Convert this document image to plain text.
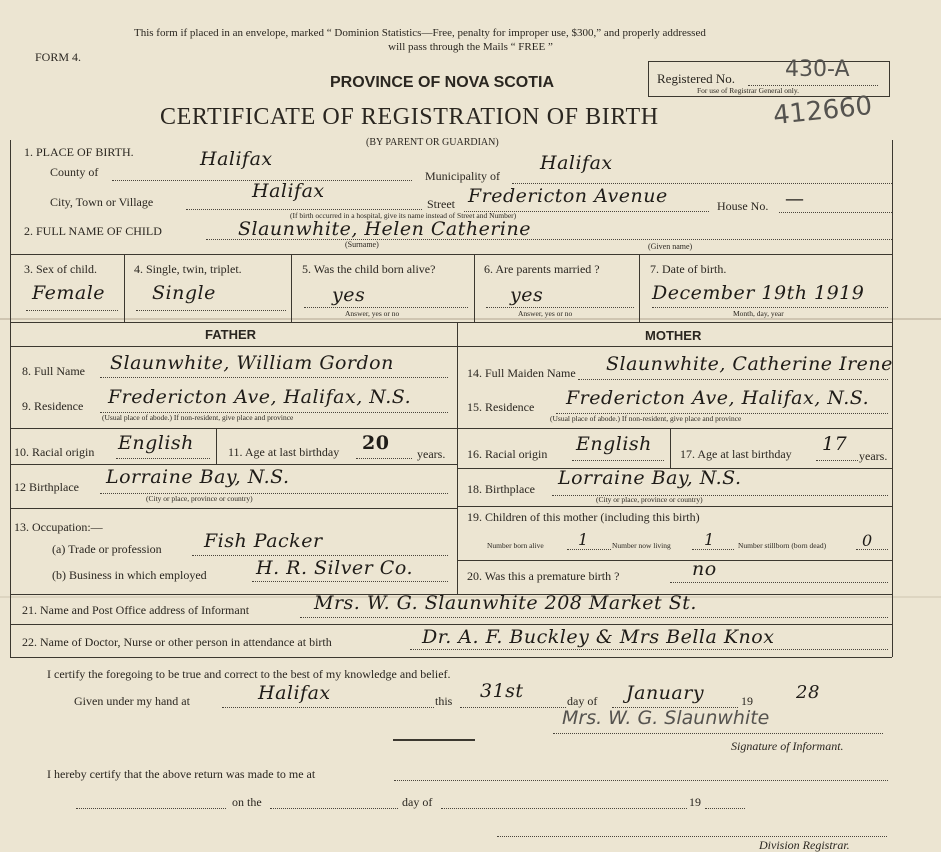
This form if placed in an envelope, marked “ Dominion Statistics—Free, penalty for improper use, $300,” and properly addressed
will pass through the Mails “ FREE ”
FORM 4.
PROVINCE OF NOVA SCOTIA
CERTIFICATE OF REGISTRATION OF BIRTH
(BY PARENT OR GUARDIAN)
Registered No. 430-A
For use of Registrar General only.
412660
1. PLACE OF BIRTH.
County of
Halifax
Municipality of
Halifax
City, Town or Village	Halifax
Street Fredericton Avenue	House No. —
(If birth occurred in a hospital, give its name instead of Street and Number)
2. FULL NAME OF CHILD	Slaunwhite, Helen Catherine
(Surname)	(Given name)
3. Sex of child.
Female
4. Single, twin, triplet.
Single
5. Was the child born alive?
yes
Answer, yes or no
6. Are parents married ?
yes
Answer, yes or no
7. Date of birth.
December 19th 1919
Month, day, year
FATHER	MOTHER
8. Full Name Slaunwhite, William Gordon
9. Residence Fredericton Ave, Halifax, N.S.
(Usual place of abode.) If non-resident, give place and province
10. Racial origin English	11. Age at last birthday 20 years.
12 Birthplace Lorraine Bay, N.S.
(City or place, province or country)
13. Occupation:—
(a) Trade or profession Fish Packer
(b) Business in which employed	H. R. Silver Co.
14. Full Maiden Name Slaunwhite, Catherine Irene
15. Residence Fredericton Ave, Halifax, N.S.
(Usual place of abode.) If non-resident, give place and province
16. Racial origin English 17. Age at last birthday 17
years.
18. Birthplace Lorraine Bay, N.S.
(City or place, province or country)
19. Children of this mother (including this birth)
Number born alive 1	Number now living 1	Number stillborn (born dead) 0
20. Was this a premature birth ?	no
21. Name and Post Office address of Informant	Mrs. W. G. Slaunwhite 208 Market St.
22. Name of Doctor, Nurse or other person in attendance at birth	Dr. A. F. Buckley & Mrs Bella Knox
I certify the foregoing to be true and correct to the best of my knowledge and belief.
Given under my hand at	Halifax	this 31st	day of January	19 28
Mrs. W. G. Slaunwhite
Signature of Informant.
I hereby certify that the above return was made to me at
on the	day of	19
Division Registrar.
